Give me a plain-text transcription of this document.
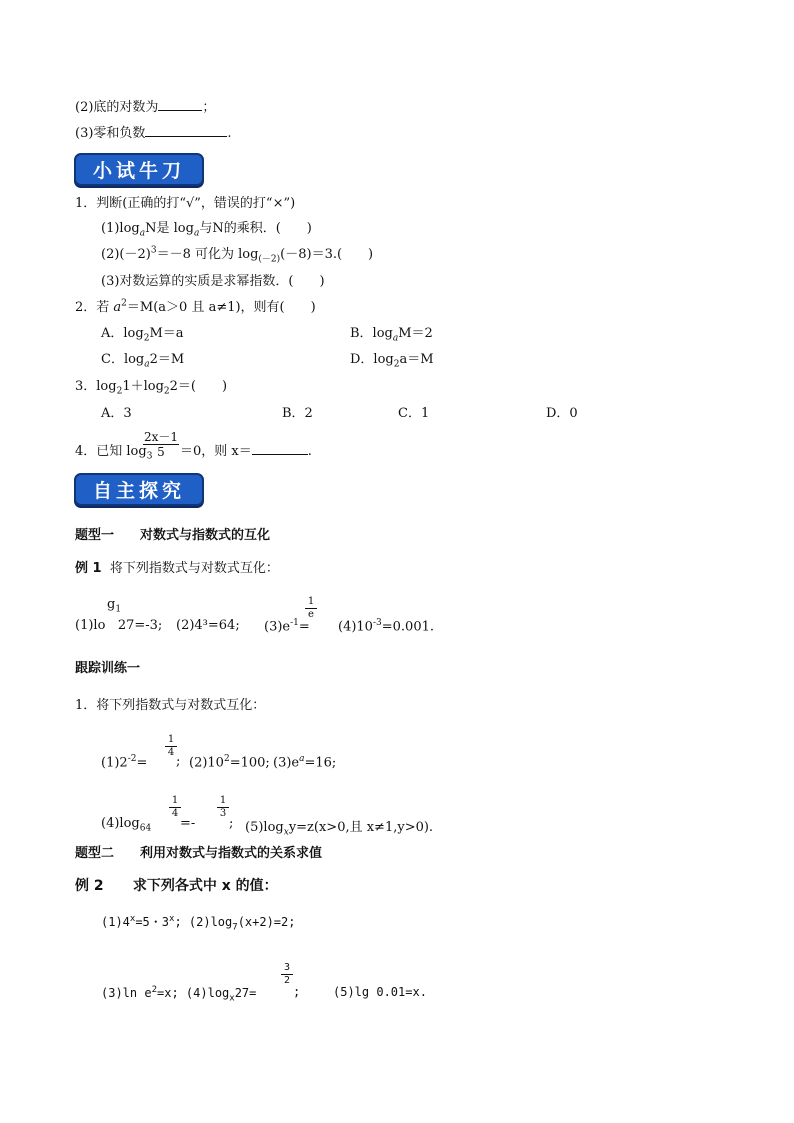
(2)底的对数为	；
(3)零和负数	.
小试牛刀
1．判断(正确的打“√”，错误的打“×”)
$(1)\log_aN$是 $\log_a$与N的乘积．(　　)
$(2)(-2)^3=-8$ 可化为 $\log_{(-2)}(-8)=3$.(　　)
(3)对数运算的实质是求幂指数．(　　)
2．若 $a^2=M(a>0$ 且 a≠1)，则有(　　)
A．$\log_2M=a$	B．$\log_aM=2$
C．$\log_a2=M$	D．$\log_2a=M$
3．$\log_21+\log_22=$(　　)
A．3	B．2	C．1	D．0
4．已知 $\log_3$
2x－1
5	＝0，则 x＝	.
自主探究
题型一　　对数式与指数式的互化
例 1 将下列指数式与对数式互化：
$g_1$
(1)lo 27=-3; (2)4³=64; $(3)e^{-1}=$
1
e
$(4)10^{-3}=0.001$.
跟踪训练一
1．将下列指数式与对数式互化：
$(1)2^{-2}=$
1
4
; $(2)10^2=100$; $(3)e^a=16$;
$(4)\log_{64}$
1
4
=-
1
3
; $(5)\log_xy=z(x>0$,且 x≠1,y>0).
题型二　　利用对数式与指数式的关系求值
例 2 求下列各式中 x 的值：
$(1)4^x=5$・3$^x$; $(2)\log_7(x+2)=2$;
(3)ln $e^2=x$; $(4)\log_x27=$
3
2
;	(5)lg 0.01=x.
